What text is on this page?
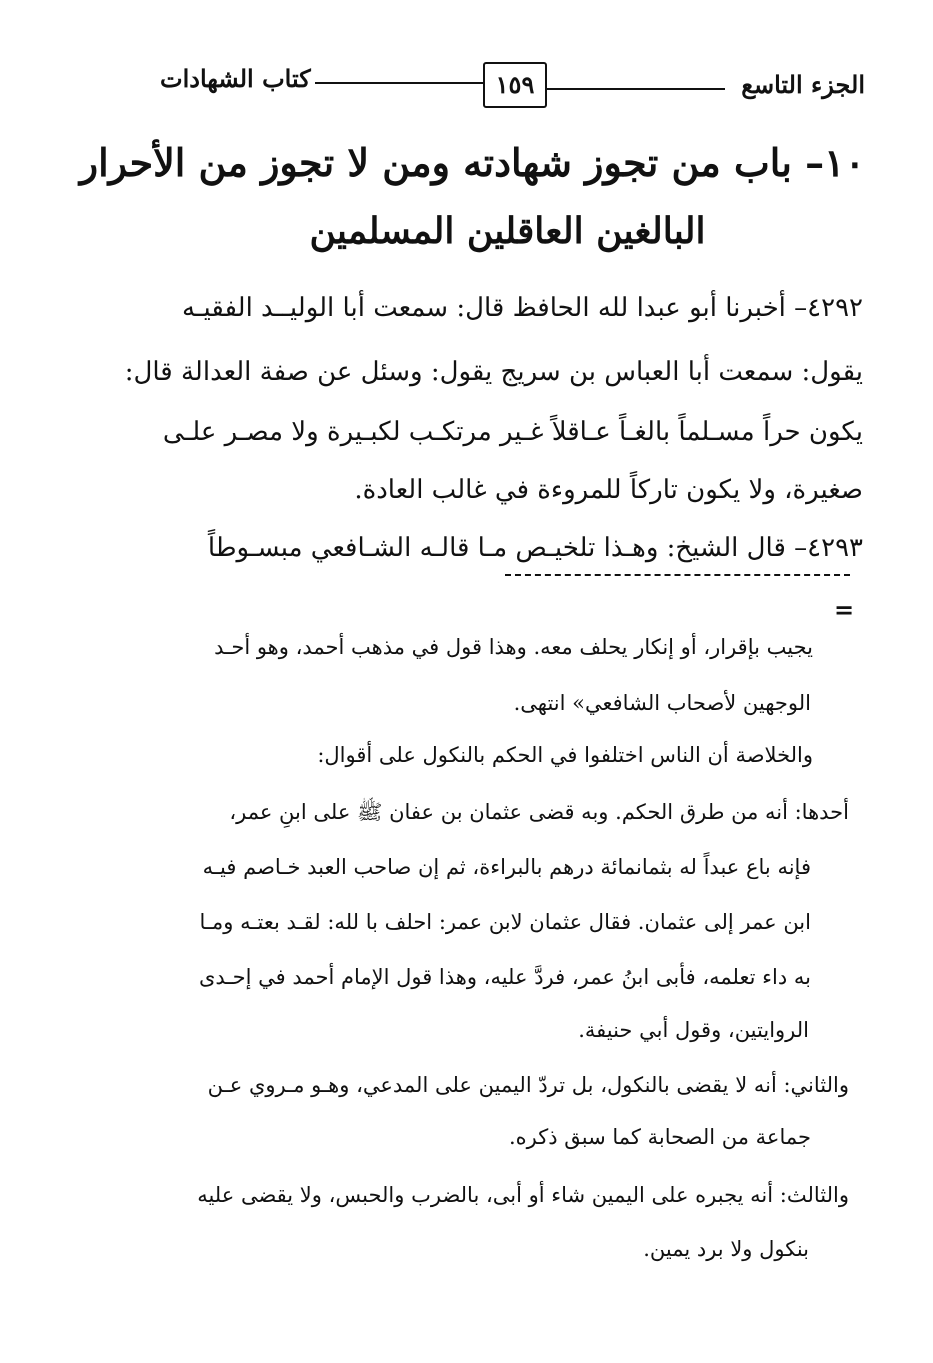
الجزء التاسع
١٥٩
كتاب الشهادات
١٠– باب من تجوز شهادته ومن لا تجوز من الأحرار
البالغين العاقلين المسلمين
٤٢٩٢– أخبرنا أبو عبدا لله الحافظ قال: سمعت أبا الوليــد الفقيـه
يقول: سمعت أبا العباس بن سريج يقول: وسئل عن صفة العدالة قال:
يكون حراً مسـلماً بالغـاً عـاقلاً غـير مرتكـب لكبـيرة ولا مصـر علـى
صغيرة، ولا يكون تاركاً للمروءة في غالب العادة.
٤٢٩٣– قال الشيخ: وهـذا تلخيـص مـا قالـه الشـافعي مبسـوطاً
=
يجيب بإقرار، أو إنكار يحلف معه. وهذا قول في مذهب أحمد، وهو أحـد
الوجهين لأصحاب الشافعي» انتهى.
والخلاصة أن الناس اختلفوا في الحكم بالنكول على أقوال:
أحدها: أنه من طرق الحكم. وبه قضى عثمان بن عفان ﷺ على ابنِ عمر،
فإنه باع عبداً له بثمانمائة درهم بالبراءة، ثم إن صاحب العبد خـاصم فيـه
ابن عمر إلى عثمان. فقال عثمان لابن عمر: احلف با لله: لقـد بعتـه ومـا
به داء تعلمه، فأبى ابنُ عمر، فردَّ عليه، وهذا قول الإمام أحمد في إحـدى
الروايتين، وقول أبي حنيفة.
والثاني: أنه لا يقضى بالنكول، بل تردّ اليمين على المدعي، وهـو مـروي عـن
جماعة من الصحابة كما سبق ذكره.
والثالث: أنه يجبره على اليمين شاء أو أبى، بالضرب والحبس، ولا يقضى عليه
بنكول ولا برد يمين.
